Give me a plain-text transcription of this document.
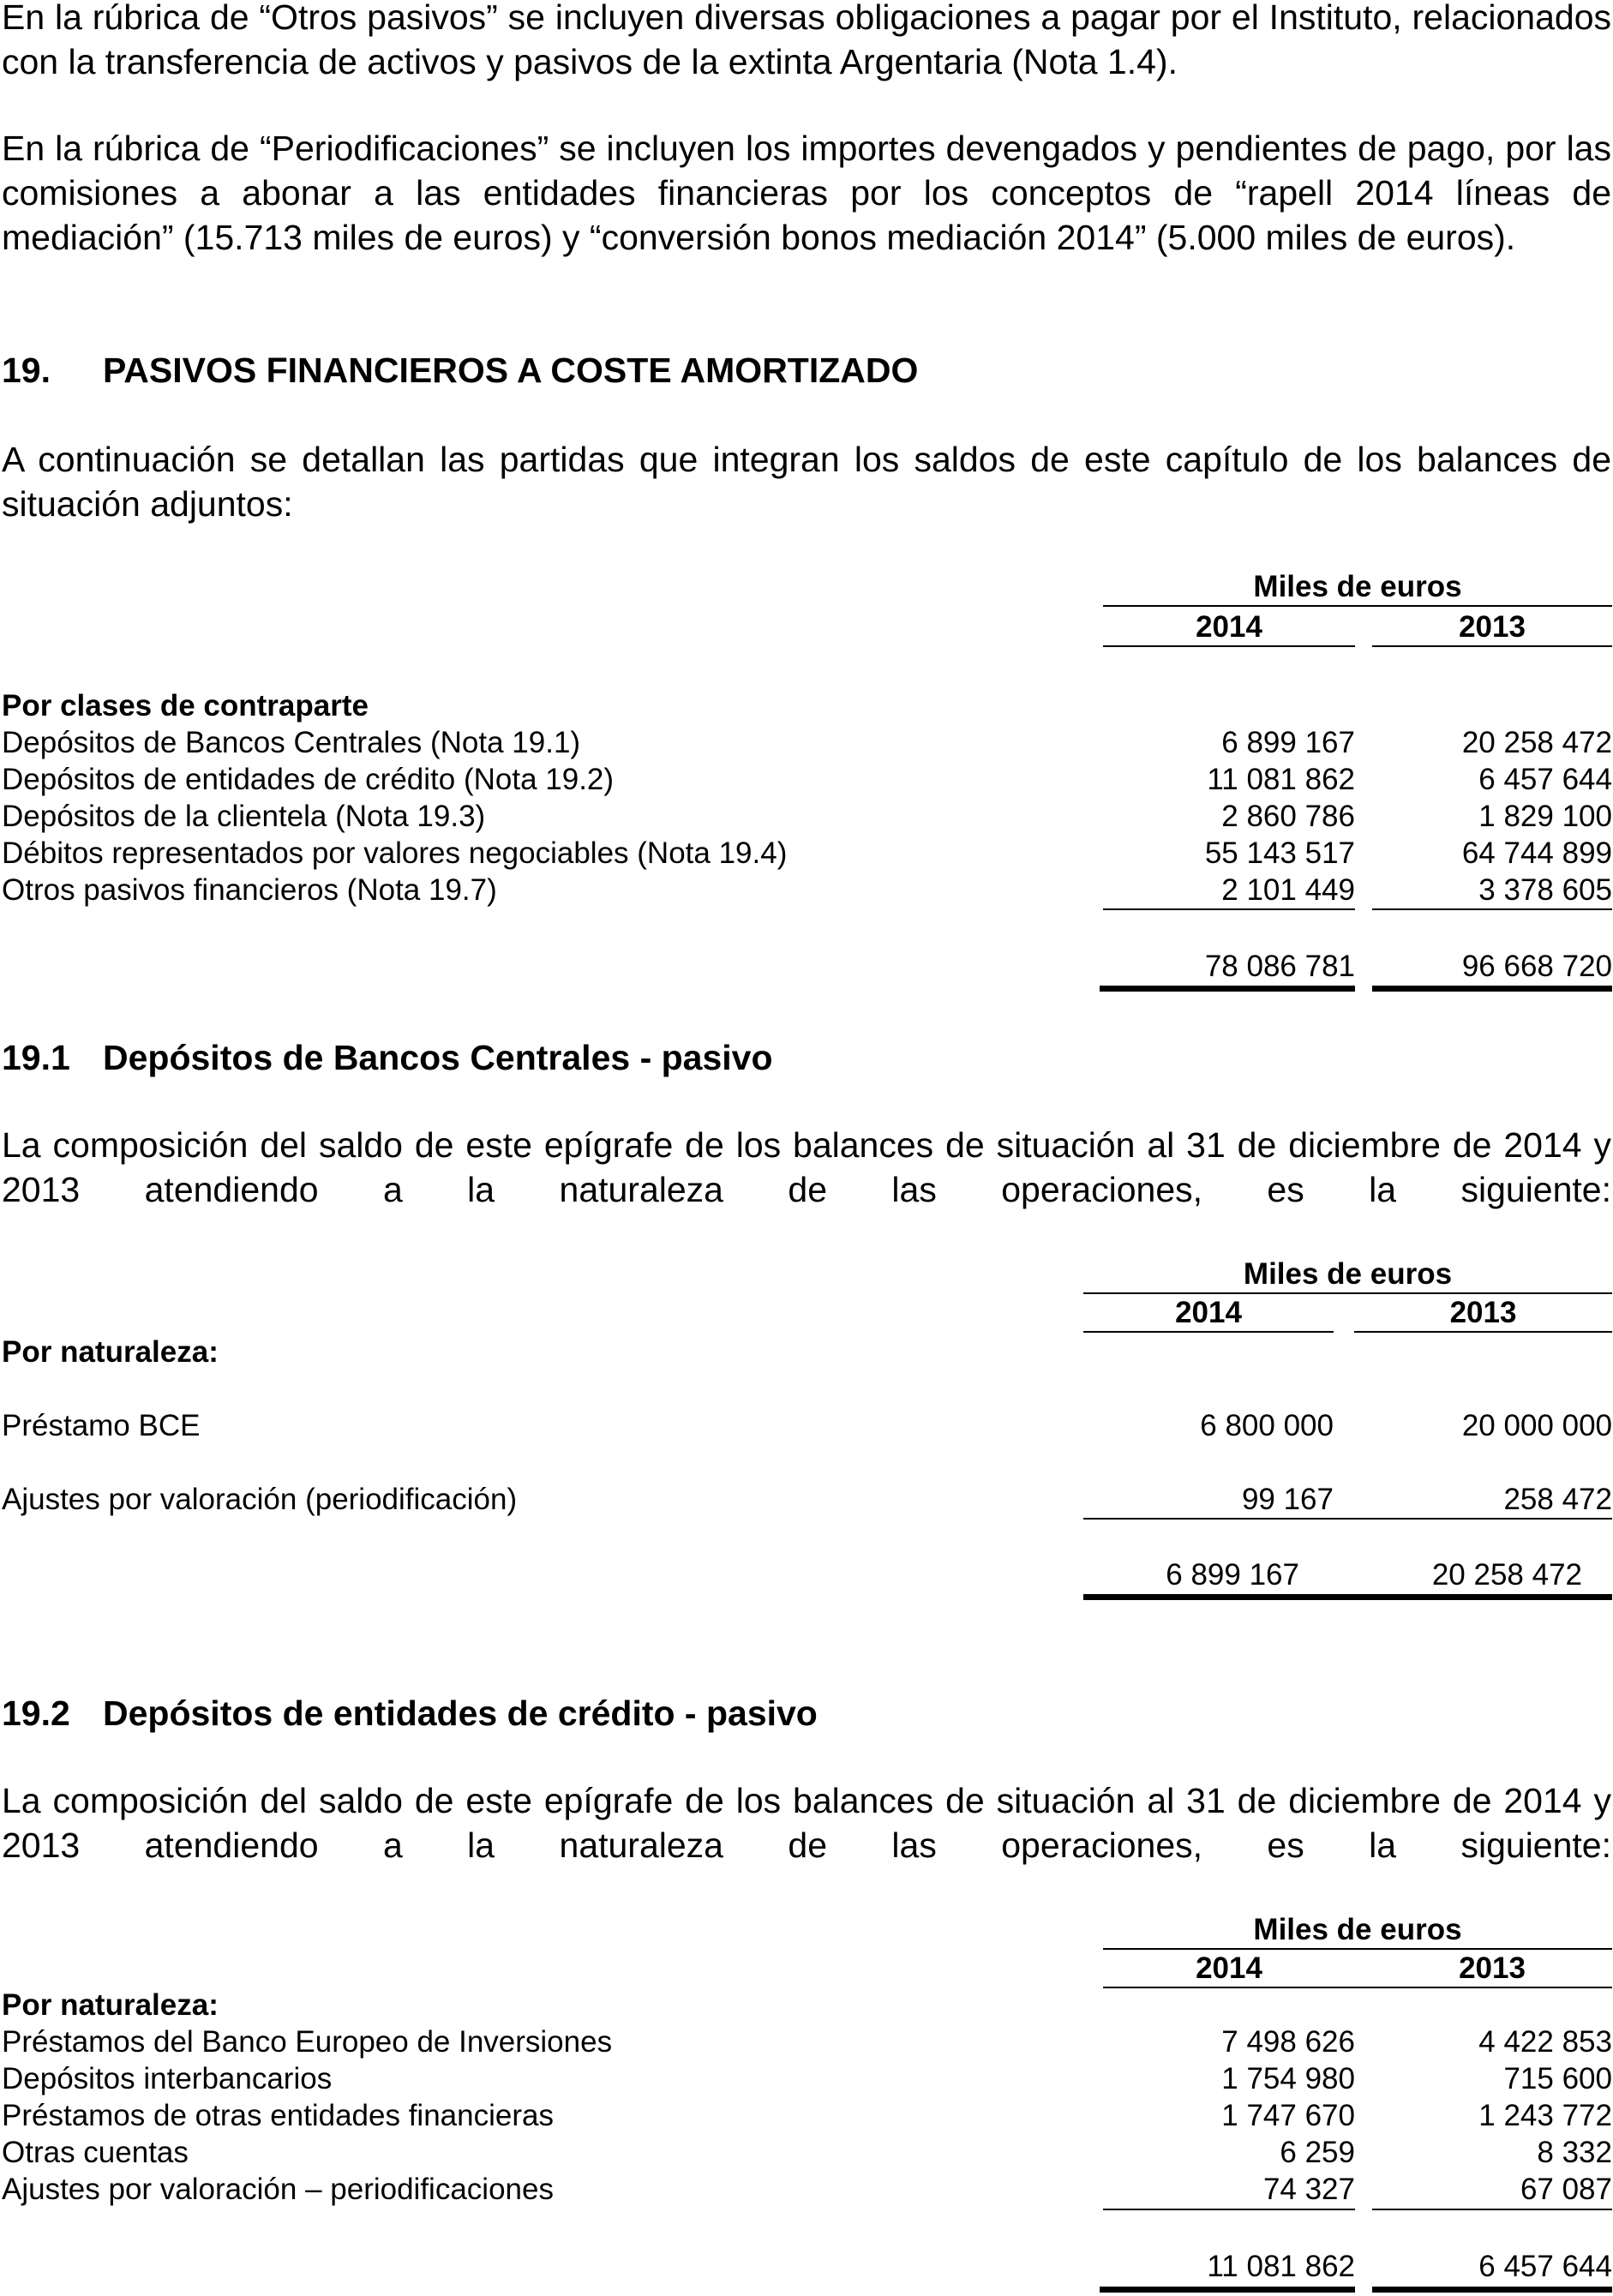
En la rúbrica de “Otros pasivos” se incluyen diversas obligaciones a pagar por el Instituto, relacionados con la transferencia de activos y pasivos de la extinta Argentaria (Nota 1.4).

En la rúbrica de “Periodificaciones” se incluyen los importes devengados y pendientes de pago, por las comisiones a abonar a las entidades financieras por los conceptos de “rapell 2014 líneas de mediación” (15.713 miles de euros) y “conversión bonos mediación 2014” (5.000 miles de euros).

19. PASIVOS FINANCIEROS A COSTE AMORTIZADO

A continuación se detallan las partidas que integran los saldos de este capítulo de los balances de situación adjuntos:

Miles de euros
2014	2013
Por clases de contraparte
Depósitos de Bancos Centrales (Nota 19.1)	6 899 167	20 258 472
Depósitos de entidades de crédito (Nota 19.2)	11 081 862	6 457 644
Depósitos de la clientela (Nota 19.3)	2 860 786	1 829 100
Débitos representados por valores negociables (Nota 19.4)	55 143 517	64 744 899
Otros pasivos financieros (Nota 19.7)	2 101 449	3 378 605
78 086 781	96 668 720
19.1 Depósitos de Bancos Centrales - pasivo

La composición del saldo de este epígrafe de los balances de situación al 31 de diciembre de 2014 y 2013 atendiendo a la naturaleza de las operaciones, es la siguiente:

Miles de euros
2014	2013
Por naturaleza:
Préstamo BCE	6 800 000	20 000 000
Ajustes por valoración (periodificación)	99 167	258 472
6 899 167	20 258 472
19.2 Depósitos de entidades de crédito - pasivo

La composición del saldo de este epígrafe de los balances de situación al 31 de diciembre de 2014 y 2013 atendiendo a la naturaleza de las operaciones, es la siguiente:

Miles de euros
2014	2013
Por naturaleza:
Préstamos del Banco Europeo de Inversiones	7 498 626	4 422 853
Depósitos interbancarios	1 754 980	715 600
Préstamos de otras entidades financieras	1 747 670	1 243 772
Otras cuentas	6 259	8 332
Ajustes por valoración – periodificaciones	74 327	67 087
11 081 862	6 457 644
